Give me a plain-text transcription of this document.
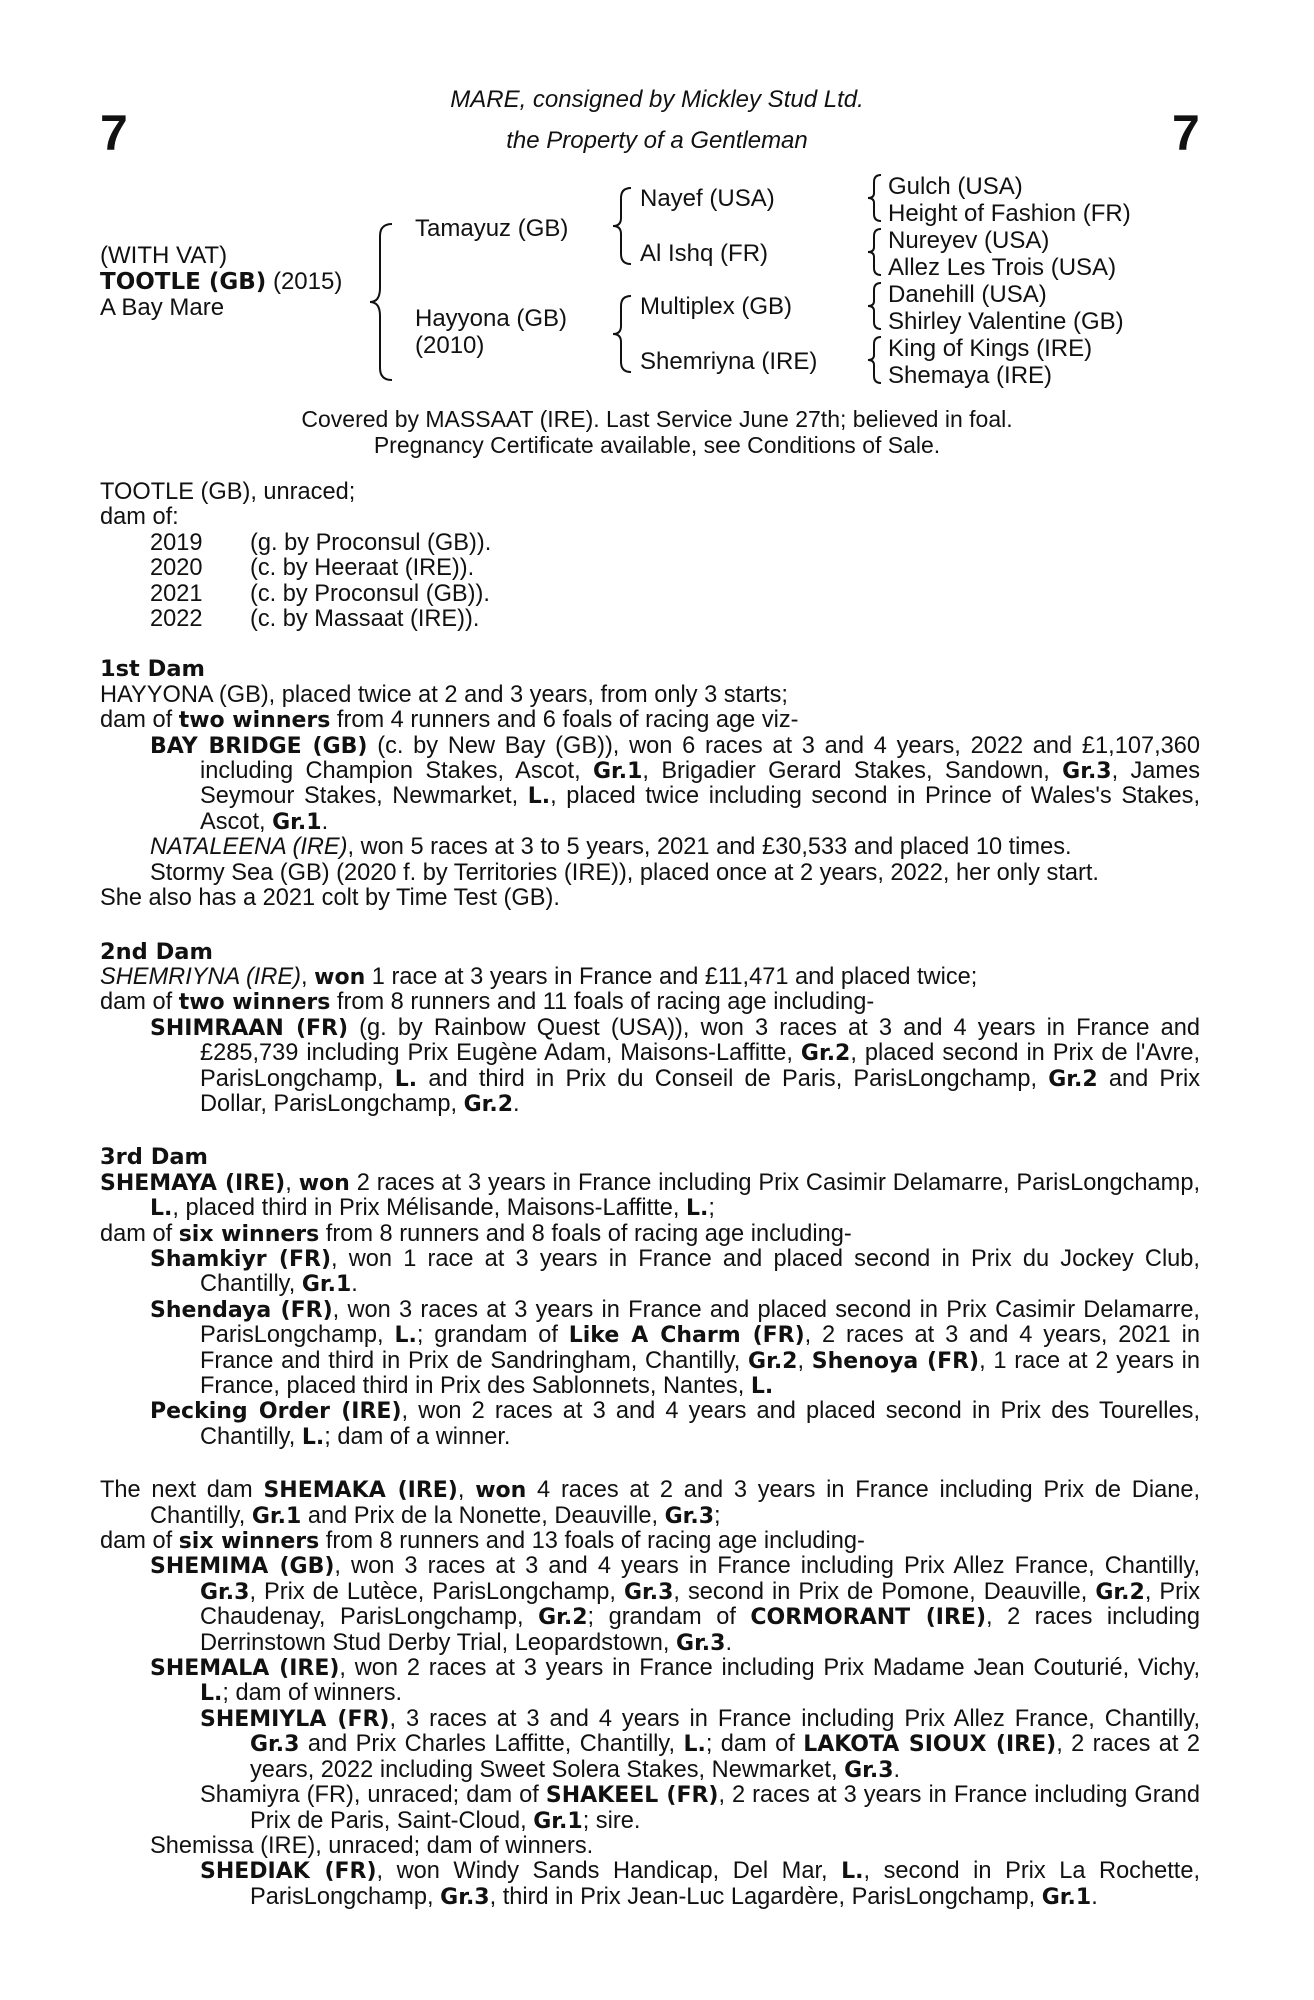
7	7
MARE, consigned by Mickley Stud Ltd.
the Property of a Gentleman
(WITH VAT)
TOOTLE (GB) (2015)
A Bay Mare
Tamayuz (GB)
Hayyona (GB)
(2010)
Nayef (USA)
Al Ishq (FR)
Multiplex (GB)
Shemriyna (IRE)
Gulch (USA)
Height of Fashion (FR)
Nureyev (USA)
Allez Les Trois (USA)
Danehill (USA)
Shirley Valentine (GB)
King of Kings (IRE)
Shemaya (IRE)
Covered by MASSAAT (IRE). Last Service June 27th; believed in foal.
Pregnancy Certificate available, see Conditions of Sale.

TOOTLE (GB), unraced;

dam of:

2019	(g. by Proconsul (GB)).
2020	(c. by Heeraat (IRE)).
2021	(c. by Proconsul (GB)).
2022	(c. by Massaat (IRE)).

1st Dam

HAYYONA (GB), placed twice at 2 and 3 years, from only 3 starts;

dam of two winners from 4 runners and 6 foals of racing age viz-

BAY BRIDGE (GB) (c. by New Bay (GB)), won 6 races at 3 and 4 years, 2022 and £1,107,360 including Champion Stakes, Ascot, Gr.1, Brigadier Gerard Stakes, Sandown, Gr.3, James Seymour Stakes, Newmarket, L., placed twice including second in Prince of Wales's Stakes, Ascot, Gr.1.

NATALEENA (IRE), won 5 races at 3 to 5 years, 2021 and £30,533 and placed 10 times.

Stormy Sea (GB) (2020 f. by Territories (IRE)), placed once at 2 years, 2022, her only start.

She also has a 2021 colt by Time Test (GB).

2nd Dam

SHEMRIYNA (IRE), won 1 race at 3 years in France and £11,471 and placed twice;

dam of two winners from 8 runners and 11 foals of racing age including-

SHIMRAAN (FR) (g. by Rainbow Quest (USA)), won 3 races at 3 and 4 years in France and £285,739 including Prix Eugène Adam, Maisons-Laffitte, Gr.2, placed second in Prix de l'Avre, ParisLongchamp, L. and third in Prix du Conseil de Paris, ParisLongchamp, Gr.2 and Prix Dollar, ParisLongchamp, Gr.2.

3rd Dam

SHEMAYA (IRE), won 2 races at 3 years in France including Prix Casimir Delamarre, ParisLongchamp, L., placed third in Prix Mélisande, Maisons-Laffitte, L.;

dam of six winners from 8 runners and 8 foals of racing age including-

Shamkiyr (FR), won 1 race at 3 years in France and placed second in Prix du Jockey Club, Chantilly, Gr.1.

Shendaya (FR), won 3 races at 3 years in France and placed second in Prix Casimir Delamarre, ParisLongchamp, L.; grandam of Like A Charm (FR), 2 races at 3 and 4 years, 2021 in France and third in Prix de Sandringham, Chantilly, Gr.2, Shenoya (FR), 1 race at 2 years in France, placed third in Prix des Sablonnets, Nantes, L.

Pecking Order (IRE), won 2 races at 3 and 4 years and placed second in Prix des Tourelles, Chantilly, L.; dam of a winner.

The next dam SHEMAKA (IRE), won 4 races at 2 and 3 years in France including Prix de Diane, Chantilly, Gr.1 and Prix de la Nonette, Deauville, Gr.3;

dam of six winners from 8 runners and 13 foals of racing age including-

SHEMIMA (GB), won 3 races at 3 and 4 years in France including Prix Allez France, Chantilly, Gr.3, Prix de Lutèce, ParisLongchamp, Gr.3, second in Prix de Pomone, Deauville, Gr.2, Prix Chaudenay, ParisLongchamp, Gr.2; grandam of CORMORANT (IRE), 2 races including Derrinstown Stud Derby Trial, Leopardstown, Gr.3.

SHEMALA (IRE), won 2 races at 3 years in France including Prix Madame Jean Couturié, Vichy, L.; dam of winners.

SHEMIYLA (FR), 3 races at 3 and 4 years in France including Prix Allez France, Chantilly, Gr.3 and Prix Charles Laffitte, Chantilly, L.; dam of LAKOTA SIOUX (IRE), 2 races at 2 years, 2022 including Sweet Solera Stakes, Newmarket, Gr.3.

Shamiyra (FR), unraced; dam of SHAKEEL (FR), 2 races at 3 years in France including Grand Prix de Paris, Saint-Cloud, Gr.1; sire.

Shemissa (IRE), unraced; dam of winners.

SHEDIAK (FR), won Windy Sands Handicap, Del Mar, L., second in Prix La Rochette, ParisLongchamp, Gr.3, third in Prix Jean-Luc Lagardère, ParisLongchamp, Gr.1.
